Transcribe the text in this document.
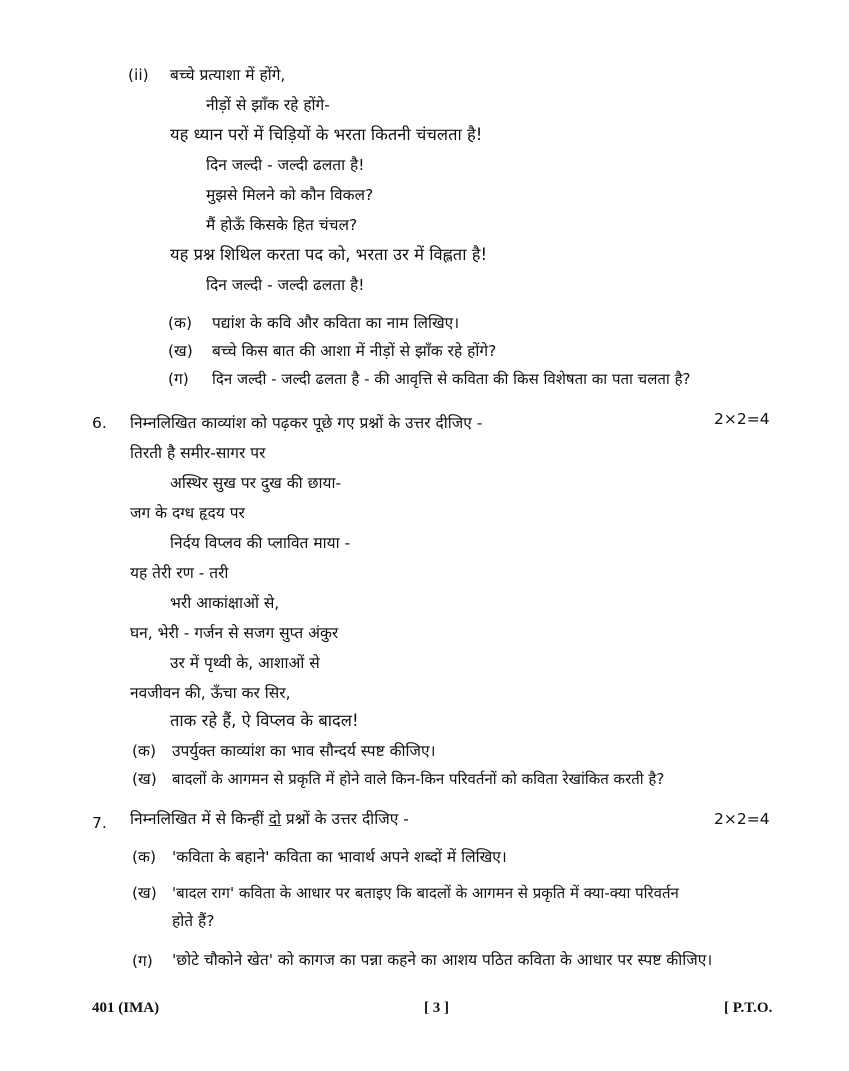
(ii) बच्चे प्रत्याशा में होंगे,
नीड़ों से झाँक रहे होंगे-
यह ध्यान परों में चिड़ियों के भरता कितनी चंचलता है!
दिन जल्दी - जल्दी ढलता है!
मुझसे मिलने को कौन विकल?
मैं होऊँ किसके हित चंचल?
यह प्रश्न शिथिल करता पद को, भरता उर में विह्लता है!
दिन जल्दी - जल्दी ढलता है!
(क) पद्यांश के कवि और कविता का नाम लिखिए।
(ख) बच्चे किस बात की आशा में नीड़ों से झाँक रहे होंगे?
(ग) दिन जल्दी - जल्दी ढलता है - की आवृत्ति से कविता की किस विशेषता का पता चलता है?
6. निम्नलिखित काव्यांश को पढ़कर पूछे गए प्रश्नों के उत्तर दीजिए -	2×2=4
तिरती है समीर-सागर पर
अस्थिर सुख पर दुख की छाया-
जग के दग्ध हृदय पर
निर्दय विप्लव की प्लावित माया -
यह तेरी रण - तरी
भरी आकांक्षाओं से,
घन, भेरी - गर्जन से सजग सुप्त अंकुर
उर में पृथ्वी के, आशाओं से
नवजीवन की, ऊँचा कर सिर,
ताक रहे हैं, ऐ विप्लव के बादल!
(क) उपर्युक्त काव्यांश का भाव सौन्दर्य स्पष्ट कीजिए।
(ख) बादलों के आगमन से प्रकृति में होने वाले किन-किन परिवर्तनों को कविता रेखांकित करती है?
7. निम्नलिखित में से किन्हीं दो प्रश्नों के उत्तर दीजिए -	2×2=4
(क) 'कविता के बहाने' कविता का भावार्थ अपने शब्दों में लिखिए।
(ख) 'बादल राग' कविता के आधार पर बताइए कि बादलों के आगमन से प्रकृति में क्या-क्या परिवर्तन
होते हैं?
(ग) 'छोटे चौकोने खेत' को कागज का पन्ना कहने का आशय पठित कविता के आधार पर स्पष्ट कीजिए।
401 (IMA)	[ 3 ]	[ P.T.O.
